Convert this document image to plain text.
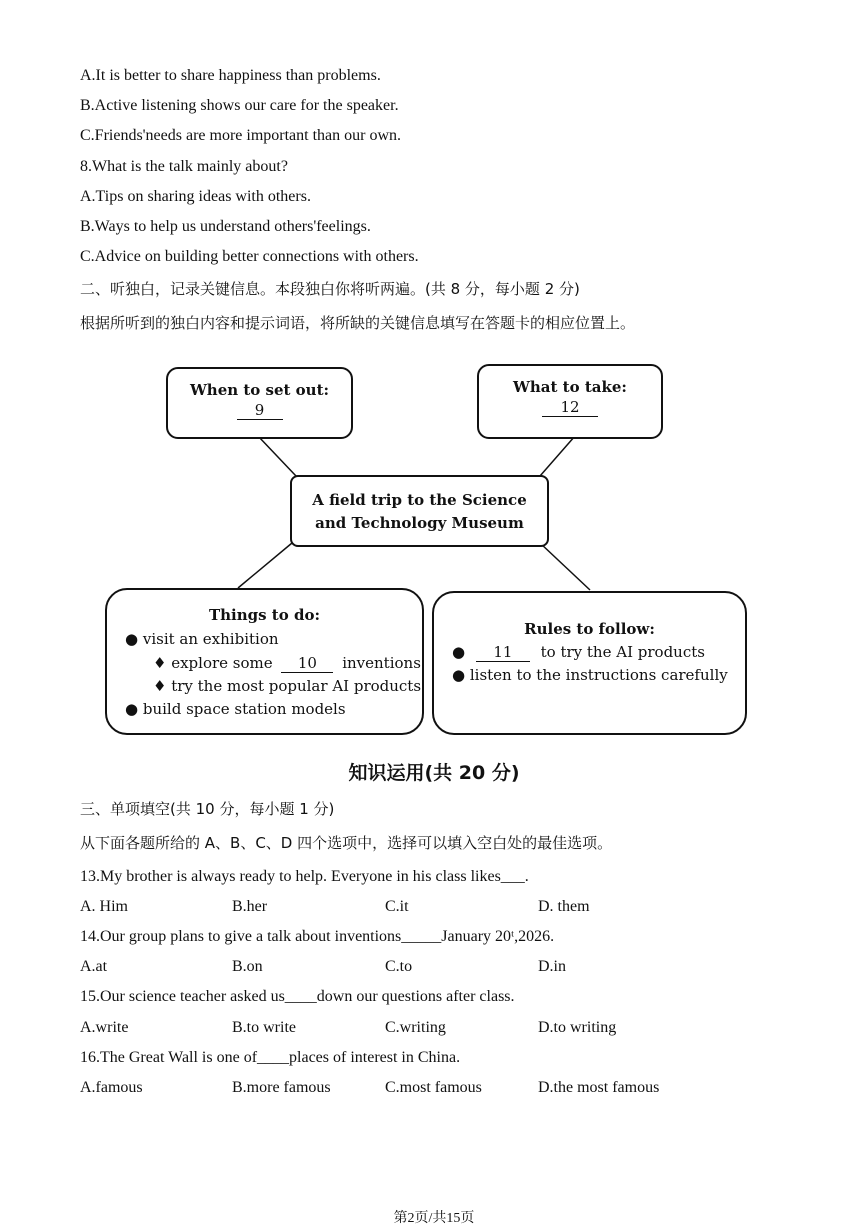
A.It is better to share happiness than problems.
B.Active listening shows our care for the speaker.
C.Friends'needs are more important than our own.
8.What is the talk mainly about?
A.Tips on sharing ideas with others.
B.Ways to help us understand others'feelings.
C.Advice on building better connections with others.
二、听独白，记录关键信息。本段独白你将听两遍。(共 8 分，每小题 2 分)
根据所听到的独白内容和提示词语，将所缺的关键信息填写在答题卡的相应位置上。
When to set out:
9
What to take:
12
A field trip to the Science
and Technology Museum
Things to do:
● visit an exhibition
♦ explore some 10 inventions
♦ try the most popular AI products
● build space station models
Rules to follow:
● 11 to try the AI products
● listen to the instructions carefully
知识运用(共 20 分)
三、单项填空(共 10 分，每小题 1 分)
从下面各题所给的 A、B、C、D 四个选项中，选择可以填入空白处的最佳选项。
13.My brother is always ready to help. Everyone in his class likes___.
A. Him	B.her	C.it	D. them
14.Our group plans to give a talk about inventions_____January 20ᵗ,2026.
A.at	B.on	C.to	D.in
15.Our science teacher asked us____down our questions after class.
A.write	B.to write	C.writing	D.to writing
16.The Great Wall is one of____places of interest in China.
A.famous	B.more famous	C.most famous	D.the most famous
第2页/共15页
